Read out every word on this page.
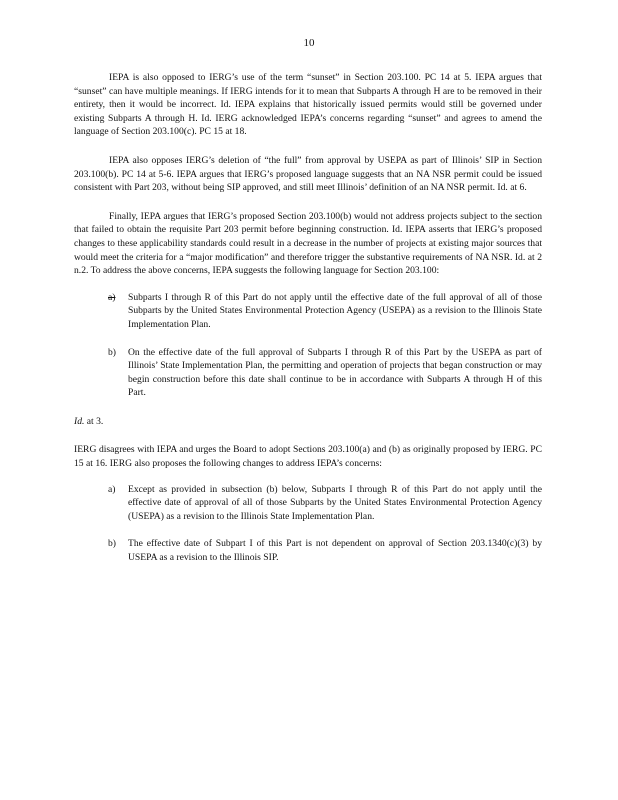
10

IEPA is also opposed to IERG’s use of the term “sunset” in Section 203.100. PC 14 at 5. IEPA argues that “sunset” can have multiple meanings. If IERG intends for it to mean that Subparts A through H are to be removed in their entirety, then it would be incorrect. Id. IEPA explains that historically issued permits would still be governed under existing Subparts A through H. Id. IERG acknowledged IEPA’s concerns regarding “sunset” and agrees to amend the language of Section 203.100(c). PC 15 at 18.

IEPA also opposes IERG’s deletion of “the full” from approval by USEPA as part of Illinois’ SIP in Section 203.100(b). PC 14 at 5-6. IEPA argues that IERG’s proposed language suggests that an NA NSR permit could be issued consistent with Part 203, without being SIP approved, and still meet Illinois’ definition of an NA NSR permit. Id. at 6.

Finally, IEPA argues that IERG’s proposed Section 203.100(b) would not address projects subject to the section that failed to obtain the requisite Part 203 permit before beginning construction. Id. IEPA asserts that IERG’s proposed changes to these applicability standards could result in a decrease in the number of projects at existing major sources that would meet the criteria for a “major modification” and therefore trigger the substantive requirements of NA NSR. Id. at 2 n.2. To address the above concerns, IEPA suggests the following language for Section 203.100:

a) Subparts I through R of this Part do not apply until the effective date of the full approval of all of those Subparts by the United States Environmental Protection Agency (USEPA) as a revision to the Illinois State Implementation Plan.
b) On the effective date of the full approval of Subparts I through R of this Part by the USEPA as part of Illinois’ State Implementation Plan, the permitting and operation of projects that began construction or may begin construction before this date shall continue to be in accordance with Subparts A through H of this Part.

Id. at 3.

IERG disagrees with IEPA and urges the Board to adopt Sections 203.100(a) and (b) as originally proposed by IERG. PC 15 at 16. IERG also proposes the following changes to address IEPA’s concerns:

a) Except as provided in subsection (b) below, Subparts I through R of this Part do not apply until the effective date of approval of all of those Subparts by the United States Environmental Protection Agency (USEPA) as a revision to the Illinois State Implementation Plan.
b) The effective date of Subpart I of this Part is not dependent on approval of Section 203.1340(c)(3) by USEPA as a revision to the Illinois SIP.
